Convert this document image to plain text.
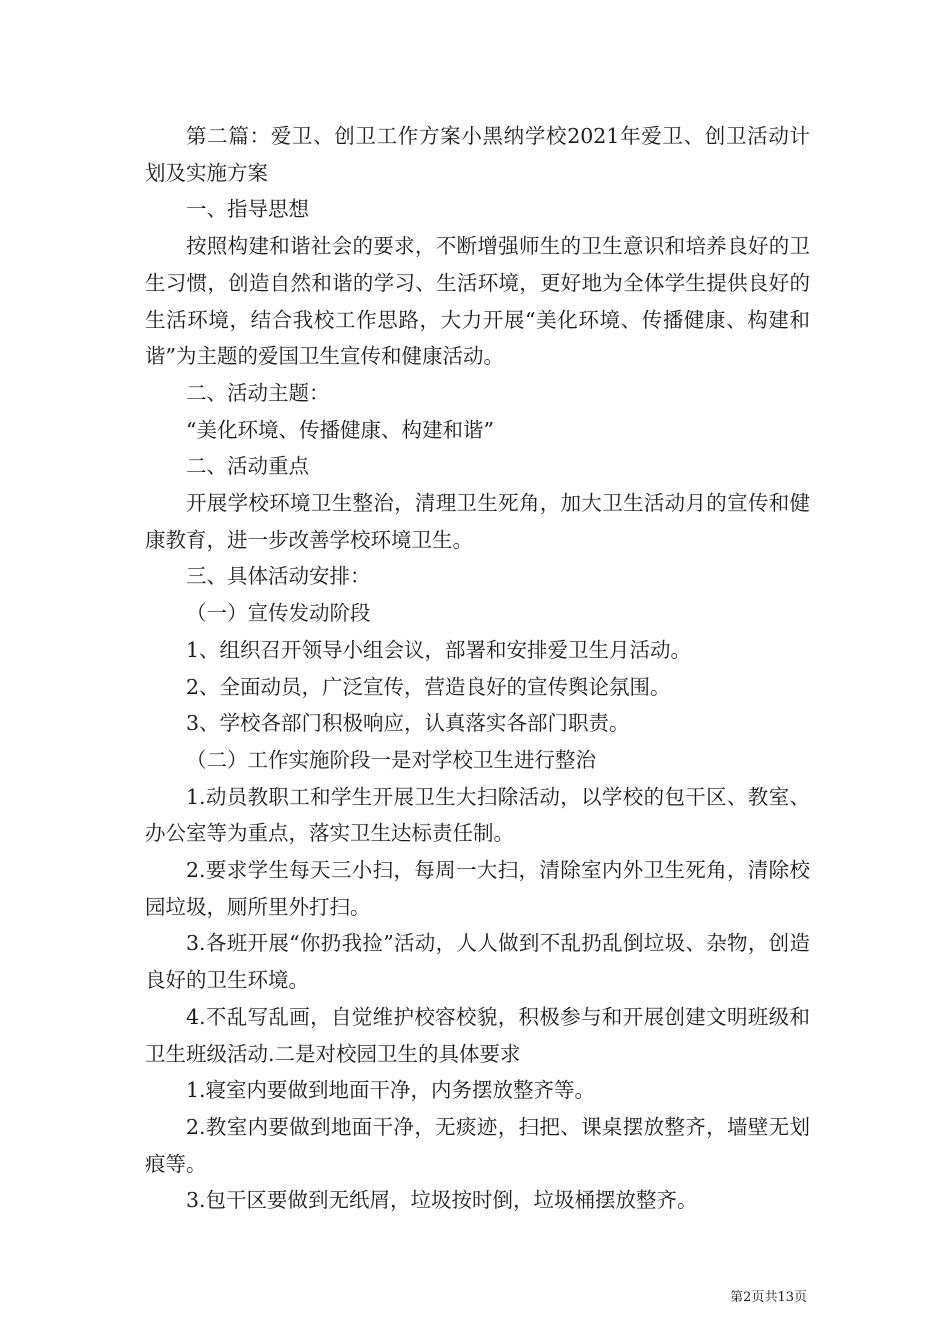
第二篇：爱卫、创卫工作方案小黑纳学校2021年爱卫、创卫活动计划及实施方案

一、指导思想

按照构建和谐社会的要求，不断增强师生的卫生意识和培养良好的卫生习惯，创造自然和谐的学习、生活环境，更好地为全体学生提供良好的生活环境，结合我校工作思路，大力开展“美化环境、传播健康、构建和谐”为主题的爱国卫生宣传和健康活动。

二、活动主题：

“美化环境、传播健康、构建和谐”

二、活动重点

开展学校环境卫生整治，清理卫生死角，加大卫生活动月的宣传和健康教育，进一步改善学校环境卫生。

三、具体活动安排：

（一）宣传发动阶段

1、组织召开领导小组会议，部署和安排爱卫生月活动。

2、全面动员，广泛宣传，营造良好的宣传舆论氛围。

3、学校各部门积极响应，认真落实各部门职责。

（二）工作实施阶段一是对学校卫生进行整治

1.动员教职工和学生开展卫生大扫除活动，以学校的包干区、教室、办公室等为重点，落实卫生达标责任制。

2.要求学生每天三小扫，每周一大扫，清除室内外卫生死角，清除校园垃圾，厕所里外打扫。

3.各班开展“你扔我捡”活动，人人做到不乱扔乱倒垃圾、杂物，创造良好的卫生环境。

4.不乱写乱画，自觉维护校容校貌，积极参与和开展创建文明班级和卫生班级活动.二是对校园卫生的具体要求

1.寝室内要做到地面干净，内务摆放整齐等。

2.教室内要做到地面干净，无痰迹，扫把、课桌摆放整齐，墙壁无划痕等。

3.包干区要做到无纸屑，垃圾按时倒，垃圾桶摆放整齐。

第2页共13页
